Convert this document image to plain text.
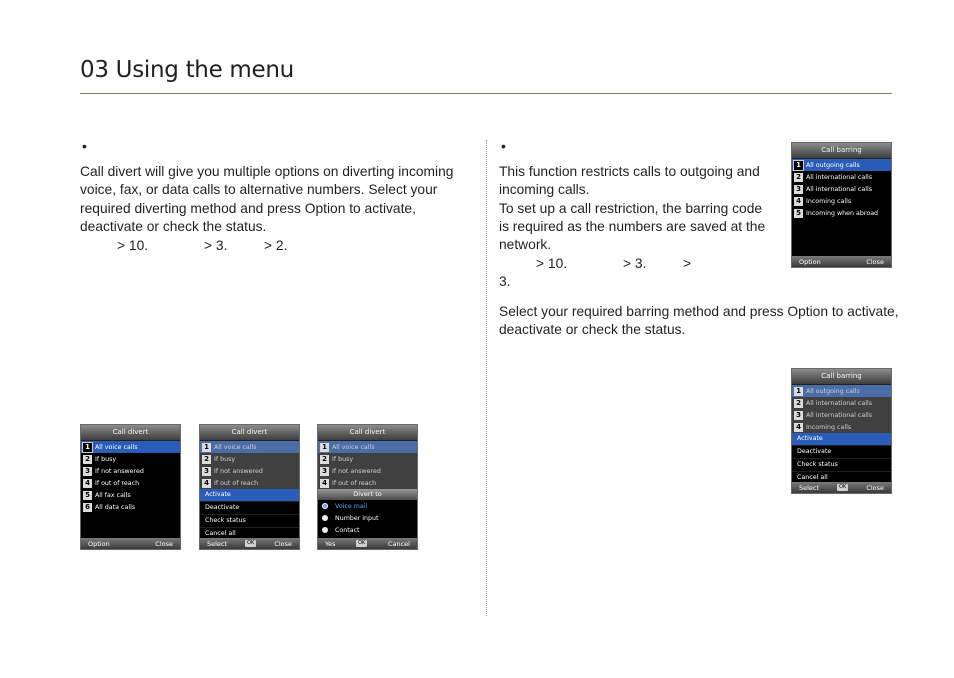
03 Using the menu
•
Call divert will give you multiple options on diverting incoming
voice, fax, or data calls to alternative numbers. Select your
required diverting method and press Option to activate,
deactivate or check the status.
> 10.	> 3.	> 2.
•
This function restricts calls to outgoing and
incoming calls.
To set up a call restriction, the barring code
is required as the numbers are saved at the
network.
> 10.	> 3.	>
3.
Select your required barring method and press Option to activate,
deactivate or check the status.
Call divert
1 All voice calls
2 If busy
3 If not answered
4 If out of reach
5 All fax calls
6 All data calls
Option	Close
Call divert
1 All voice calls
2 If busy
3 If not answered
4 If out of reach
Activate
Deactivate
Check status
Cancel all
Select	OK	Close
Call divert
1 All voice calls
2 If busy
3 If not answered
4 If out of reach
Divert to
Voice mail
Number input
Contact
Yes	OK	Cancel
Call barring
1 All outgoing calls
2 All international calls
3 All international calls
4 Incoming calls
5 Incoming when abroad
Option	Close
Call barring
1 All outgoing calls
2 All international calls
3 All international calls
4 Incoming calls
Activate
Deactivate
Check status
Cancel all
Select	OK	Close
